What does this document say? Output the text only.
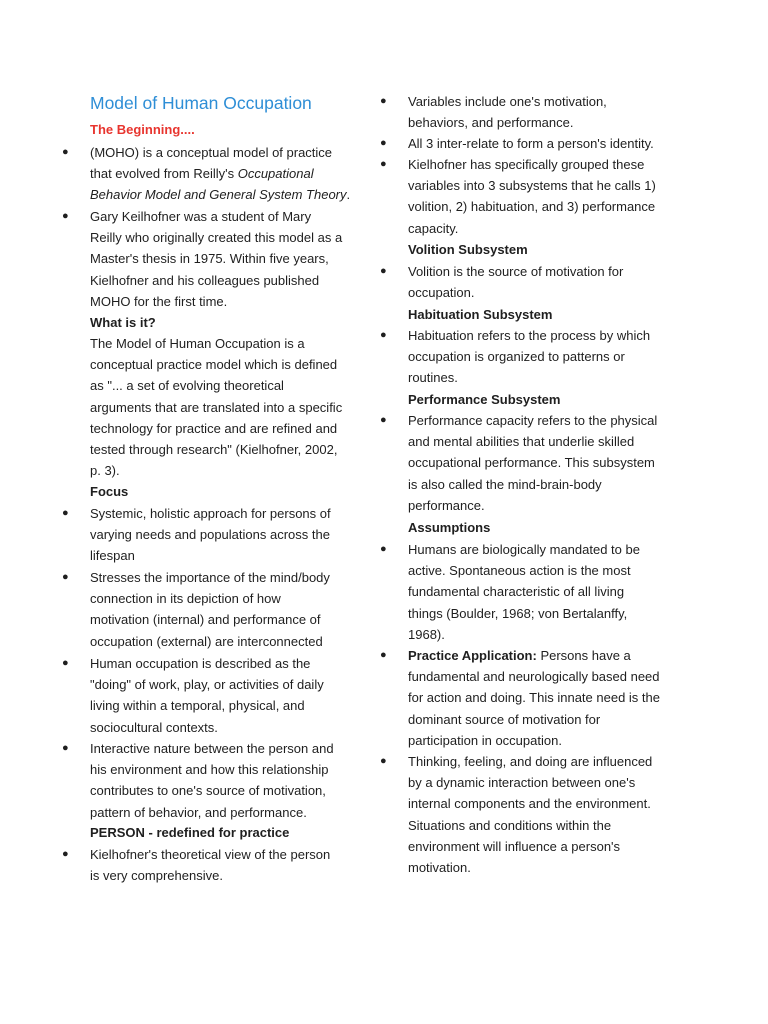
Model of Human Occupation
The Beginning....
● (MOHO) is a conceptual model of practice
that evolved from Reilly's Occupational
Behavior Model and General System Theory.
● Gary Keilhofner was a student of Mary
Reilly who originally created this model as a
Master's thesis in 1975. Within five years,
Kielhofner and his colleagues published
MOHO for the first time.
What is it?
The Model of Human Occupation is a
conceptual practice model which is defined
as "... a set of evolving theoretical
arguments that are translated into a specific
technology for practice and are refined and
tested through research" (Kielhofner, 2002,
p. 3).
Focus
● Systemic, holistic approach for persons of
varying needs and populations across the
lifespan
● Stresses the importance of the mind/body
connection in its depiction of how
motivation (internal) and performance of
occupation (external) are interconnected
● Human occupation is described as the
"doing" of work, play, or activities of daily
living within a temporal, physical, and
sociocultural contexts.
● Interactive nature between the person and
his environment and how this relationship
contributes to one's source of motivation,
pattern of behavior, and performance.
PERSON - redefined for practice
● Kielhofner's theoretical view of the person
is very comprehensive.
● Variables include one's motivation,
behaviors, and performance.
● All 3 inter-relate to form a person's identity.
● Kielhofner has specifically grouped these
variables into 3 subsystems that he calls 1)
volition, 2) habituation, and 3) performance
capacity.
Volition Subsystem
● Volition is the source of motivation for
occupation.
Habituation Subsystem
● Habituation refers to the process by which
occupation is organized to patterns or
routines.
Performance Subsystem
● Performance capacity refers to the physical
and mental abilities that underlie skilled
occupational performance. This subsystem
is also called the mind-brain-body
performance.
Assumptions
● Humans are biologically mandated to be
active. Spontaneous action is the most
fundamental characteristic of all living
things (Boulder, 1968; von Bertalanffy,
1968).
● Practice Application: Persons have a
fundamental and neurologically based need
for action and doing. This innate need is the
dominant source of motivation for
participation in occupation.
● Thinking, feeling, and doing are influenced
by a dynamic interaction between one's
internal components and the environment.
Situations and conditions within the
environment will influence a person's
motivation.
